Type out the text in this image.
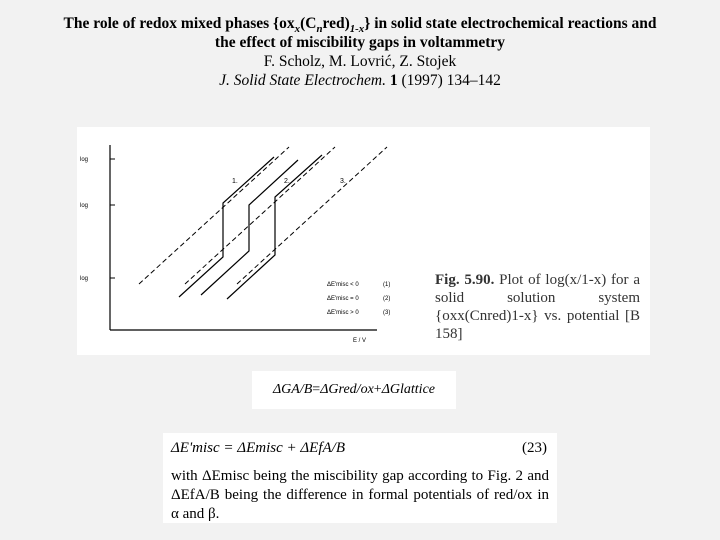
The role of redox mixed phases $\{ox_x(C_nred)_{1-x}\}$ in solid state electrochemical reactions and
the effect of miscibility gaps in voltammetry
F. Scholz, M. Lovrić, Z. Stojek
J. Solid State Electrochem. 1 (1997) 134–142
log
log
log
1.	2.	3.
ΔE'misc < 0	(1)
ΔE'misc = 0	(2)
ΔE'misc > 0	(3)
E / V
Fig. 5.90. Plot of log(x/1-x) for a solid solution system {oxx(Cnred)1-x} vs. potential [B 158]
ΔGA/B = ΔGred/ox + ΔGlattice
ΔE'misc = ΔEmisc + ΔEfA/B	(23)
with ΔEmisc being the miscibility gap according to Fig. 2 and ΔEfA/B being the difference in formal potentials of red/ox in α and β.
